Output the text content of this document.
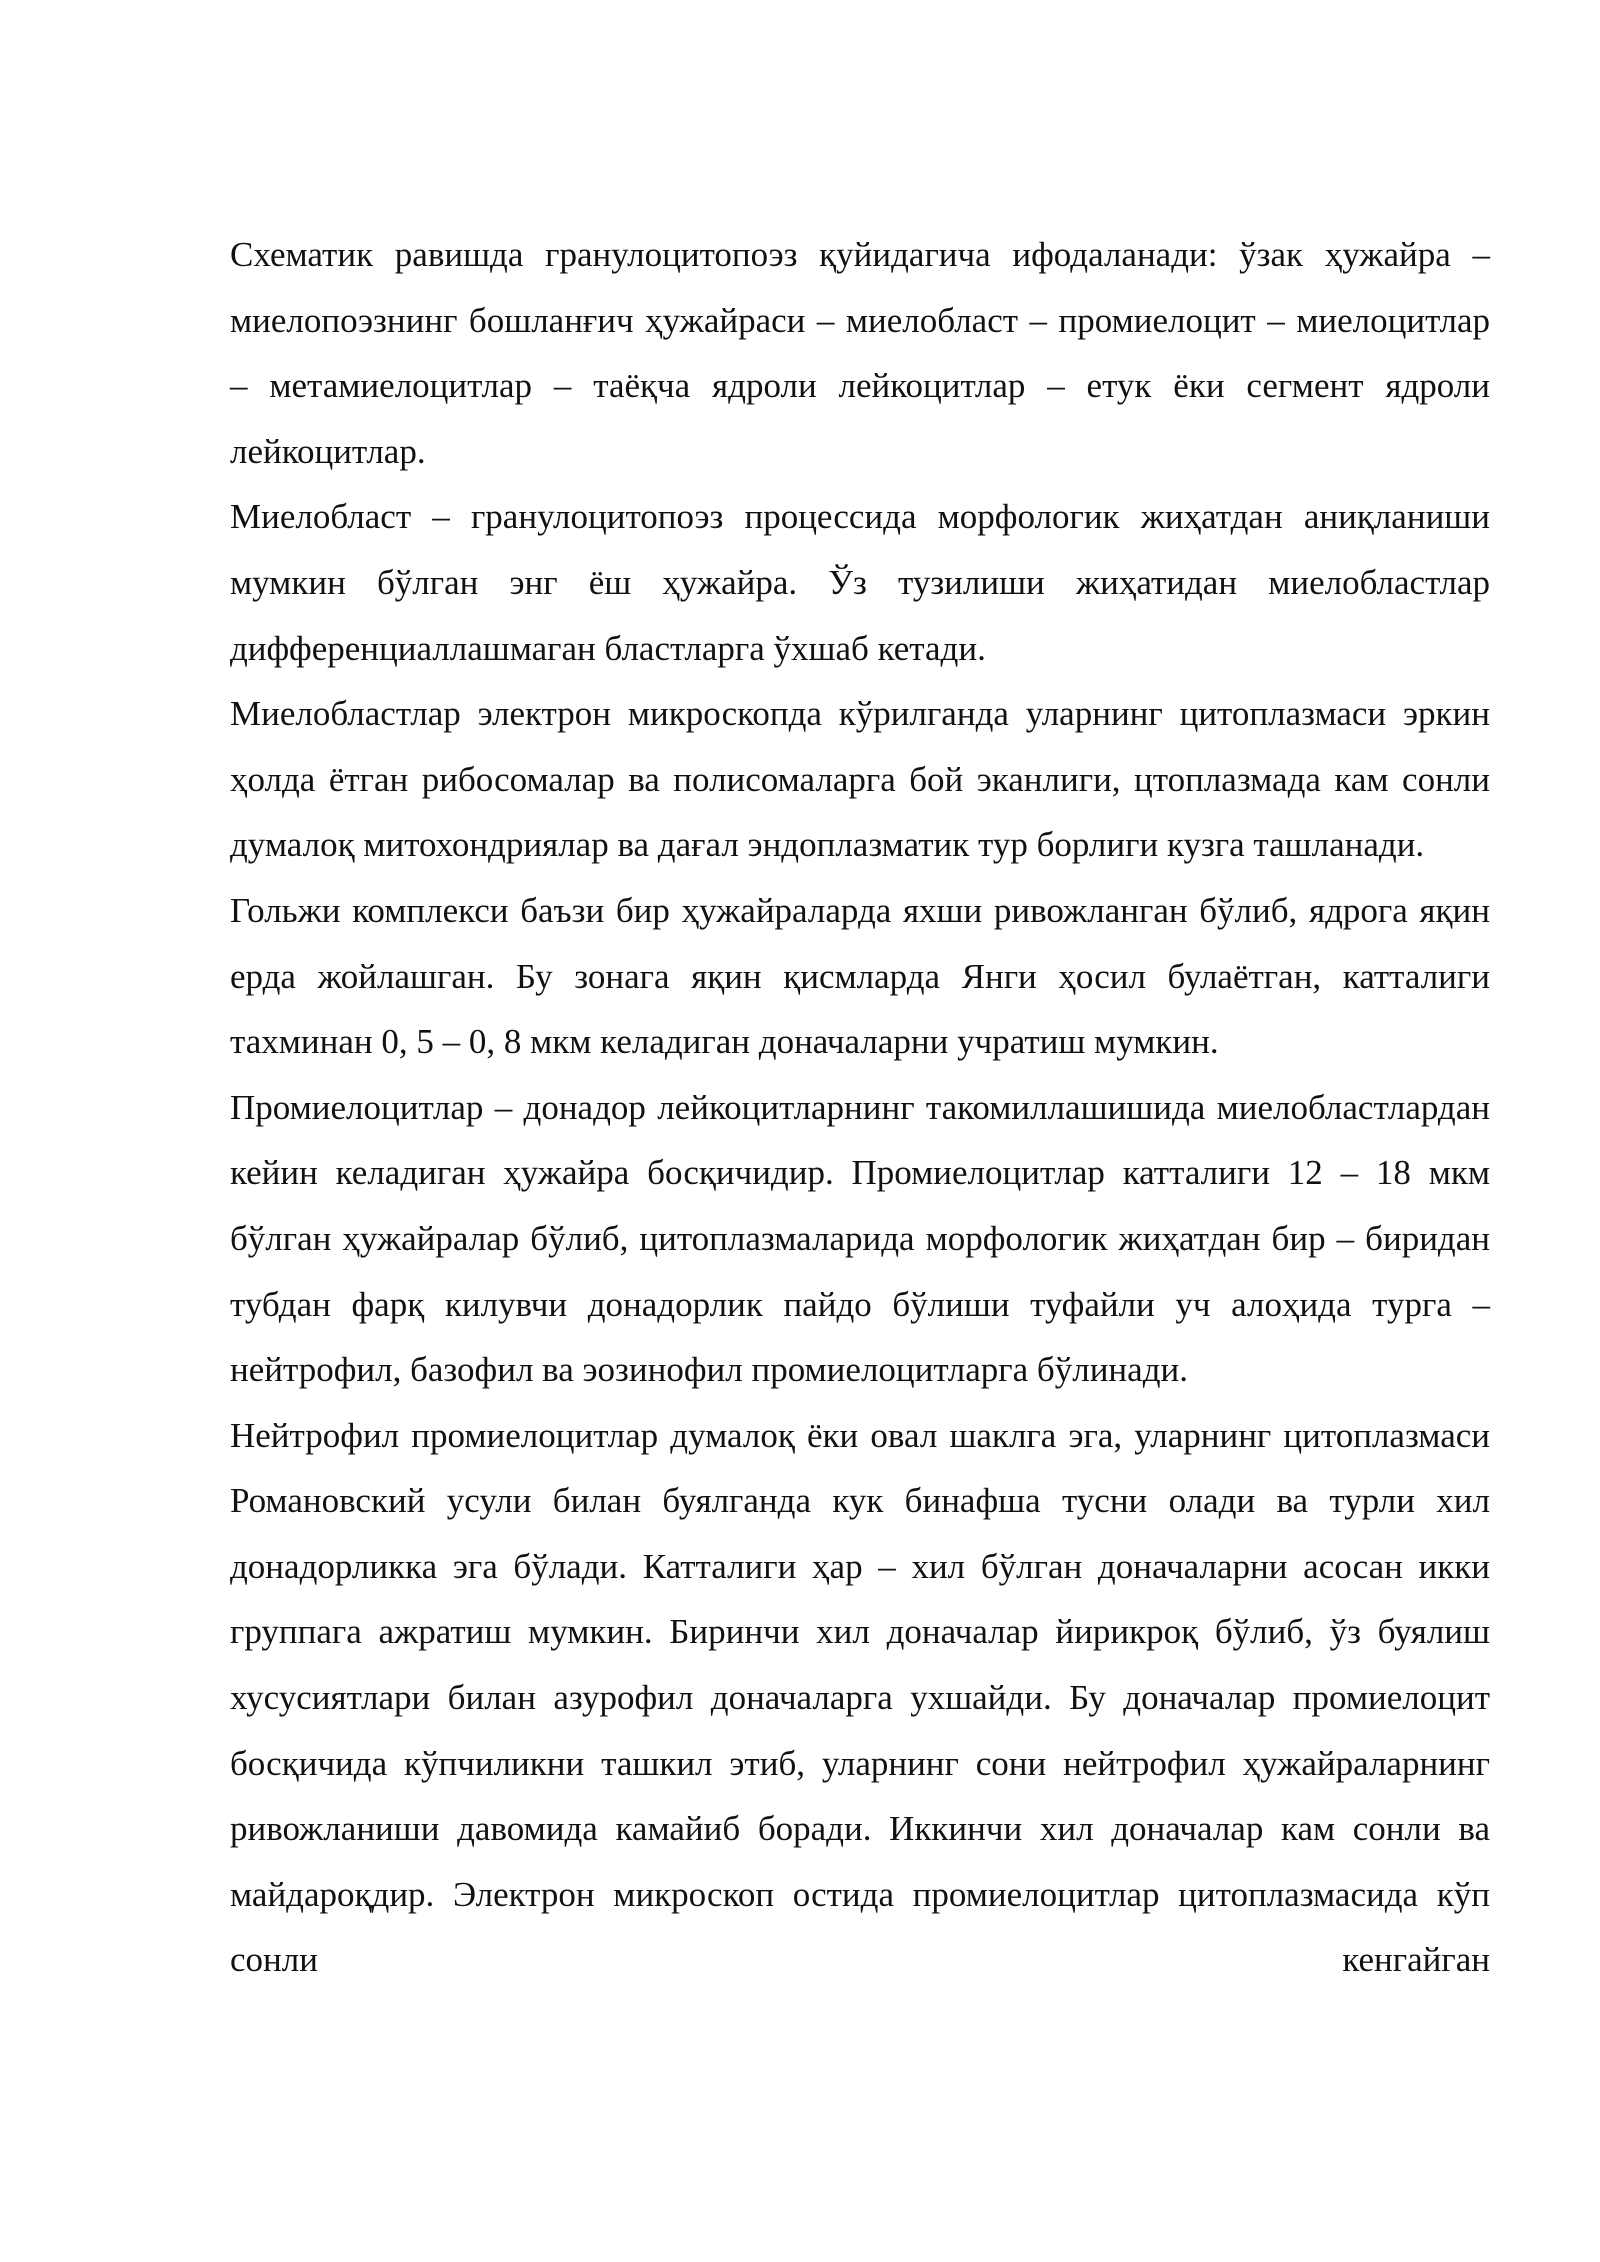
Схематик равишда гранулоцитопоэз қуйидагича ифодаланади: ўзак ҳужайра – миелопоэзнинг бошланғич ҳужайраси – миелобласт – промиелоцит – миелоцитлар – метамиелоцитлар – таёқча ядроли лейкоцитлар – етук ёки сегмент ядроли лейкоцитлар.

Миелобласт – гранулоцитопоэз процессида морфологик жиҳатдан аниқланиши мумкин бўлган энг ёш ҳужайра. Ўз тузилиши жиҳатидан миелобластлар дифференциаллашмаган бластларга ўхшаб кетади.

Миелобластлар электрон микроскопда кўрилганда уларнинг цитоплазмаси эркин ҳолда ётган рибосомалар ва полисомаларга бой эканлиги, цтоплазмада кам сонли думалоқ митохондриялар ва дағал эндоплазматик тур борлиги кузга ташланади.

Гольжи комплекси баъзи бир ҳужайраларда яхши ривожланган бўлиб, ядрога яқин ерда жойлашган. Бу зонага яқин қисмларда Янги ҳосил булаётган, катталиги тахминан 0, 5 – 0, 8 мкм келадиган доначаларни учратиш мумкин.

Промиелоцитлар – донадор лейкоцитларнинг такомиллашишида миелобластлардан кейин келадиган ҳужайра босқичидир. Промиелоцитлар катталиги 12 – 18 мкм бўлган ҳужайралар бўлиб, цитоплазмаларида морфологик жиҳатдан бир – биридан тубдан фарқ килувчи донадорлик пайдо бўлиши туфайли уч алоҳида турга – нейтрофил, базофил ва эозинофил промиелоцитларга бўлинади.

Нейтрофил промиелоцитлар думалоқ ёки овал шаклга эга, уларнинг цитоплазмаси Романовский усули билан буялганда кук бинафша тусни олади ва турли хил донадорликка эга бўлади. Катталиги ҳар – хил бўлган доначаларни асосан икки группага ажратиш мумкин. Биринчи хил доначалар йирикроқ бўлиб, ўз буялиш хусусиятлари билан азурофил доначаларга ухшайди. Бу доначалар промиелоцит босқичида кўпчиликни ташкил этиб, уларнинг сони нейтрофил ҳужайраларнинг ривожланиши давомида камайиб боради. Иккинчи хил доначалар кам сонли ва майдароқдир. Электрон микроскоп остида промиелоцитлар цитоплазмасида кўп сонли кенгайган
